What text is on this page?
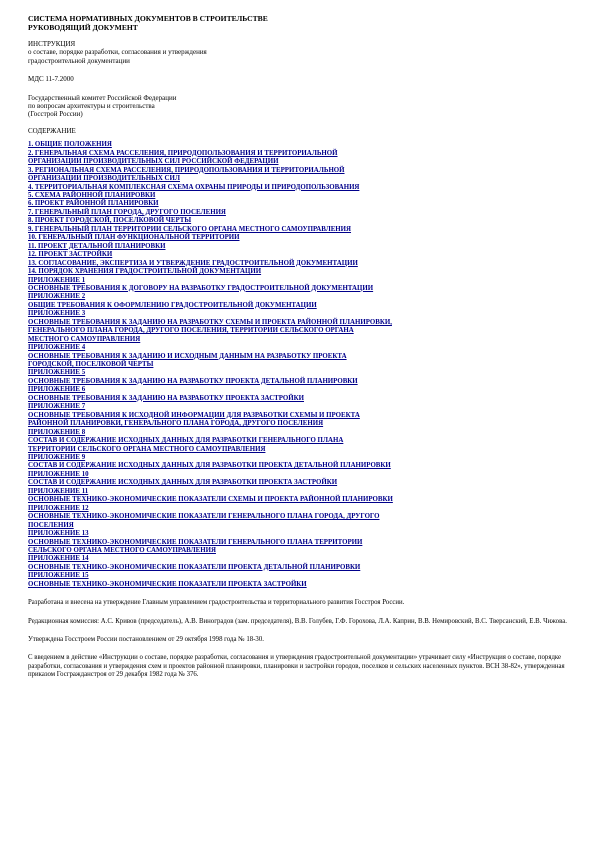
СИСТЕМА НОРМАТИВНЫХ ДОКУМЕНТОВ В СТРОИТЕЛЬСТВЕ
РУКОВОДЯЩИЙ ДОКУМЕНТ
ИНСТРУКЦИЯ
о составе, порядке разработки, согласования и утверждения
градостроительной документации
МДС 11-7.2000
Государственный комитет Российской Федерации
по вопросам архитектуры и строительства
(Госстрой России)
СОДЕРЖАНИЕ
1. ОБЩИЕ ПОЛОЖЕНИЯ
2. ГЕНЕРАЛЬНАЯ СХЕМА РАССЕЛЕНИЯ, ПРИРОДОПОЛЬЗОВАНИЯ И ТЕРРИТОРИАЛЬНОЙ
ОРГАНИЗАЦИИ ПРОИЗВОДИТЕЛЬНЫХ СИЛ РОССИЙСКОЙ ФЕДЕРАЦИИ
3. РЕГИОНАЛЬНАЯ СХЕМА РАССЕЛЕНИЯ, ПРИРОДОПОЛЬЗОВАНИЯ И ТЕРРИТОРИАЛЬНОЙ
ОРГАНИЗАЦИИ ПРОИЗВОДИТЕЛЬНЫХ СИЛ
4. ТЕРРИТОРИАЛЬНАЯ КОМПЛЕКСНАЯ СХЕМА ОХРАНЫ ПРИРОДЫ И ПРИРОДОПОЛЬЗОВАНИЯ
5. СХЕМА РАЙОННОЙ ПЛАНИРОВКИ
6. ПРОЕКТ РАЙОННОЙ ПЛАНИРОВКИ
7. ГЕНЕРАЛЬНЫЙ ПЛАН ГОРОДА, ДРУГОГО ПОСЕЛЕНИЯ
8. ПРОЕКТ ГОРОДСКОЙ, ПОСЕЛКОВОЙ ЧЕРТЫ
9. ГЕНЕРАЛЬНЫЙ ПЛАН ТЕРРИТОРИИ СЕЛЬСКОГО ОРГАНА МЕСТНОГО САМОУПРАВЛЕНИЯ
10. ГЕНЕРАЛЬНЫЙ ПЛАН ФУНКЦИОНАЛЬНОЙ ТЕРРИТОРИИ
11. ПРОЕКТ ДЕТАЛЬНОЙ ПЛАНИРОВКИ
12. ПРОЕКТ ЗАСТРОЙКИ
13. СОГЛАСОВАНИЕ, ЭКСПЕРТИЗА И УТВЕРЖДЕНИЕ ГРАДОСТРОИТЕЛЬНОЙ ДОКУМЕНТАЦИИ
14. ПОРЯДОК ХРАНЕНИЯ ГРАДОСТРОИТЕЛЬНОЙ ДОКУМЕНТАЦИИ
ПРИЛОЖЕНИЕ 1
ОСНОВНЫЕ ТРЕБОВАНИЯ К ДОГОВОРУ НА РАЗРАБОТКУ ГРАДОСТРОИТЕЛЬНОЙ ДОКУМЕНТАЦИИ
ПРИЛОЖЕНИЕ 2
ОБЩИЕ ТРЕБОВАНИЯ К ОФОРМЛЕНИЮ ГРАДОСТРОИТЕЛЬНОЙ ДОКУМЕНТАЦИИ
ПРИЛОЖЕНИЕ 3
ОСНОВНЫЕ ТРЕБОВАНИЯ К ЗАДАНИЮ НА РАЗРАБОТКУ СХЕМЫ И ПРОЕКТА РАЙОННОЙ ПЛАНИРОВКИ,
ГЕНЕРАЛЬНОГО ПЛАНА ГОРОДА, ДРУГОГО ПОСЕЛЕНИЯ, ТЕРРИТОРИИ СЕЛЬСКОГО ОРГАНА
МЕСТНОГО САМОУПРАВЛЕНИЯ
ПРИЛОЖЕНИЕ 4
ОСНОВНЫЕ ТРЕБОВАНИЯ К ЗАДАНИЮ И ИСХОДНЫМ ДАННЫМ НА РАЗРАБОТКУ ПРОЕКТА
ГОРОДСКОЙ, ПОСЕЛКОВОЙ ЧЕРТЫ
ПРИЛОЖЕНИЕ 5
ОСНОВНЫЕ ТРЕБОВАНИЯ К ЗАДАНИЮ НА РАЗРАБОТКУ ПРОЕКТА ДЕТАЛЬНОЙ ПЛАНИРОВКИ
ПРИЛОЖЕНИЕ 6
ОСНОВНЫЕ ТРЕБОВАНИЯ К ЗАДАНИЮ НА РАЗРАБОТКУ ПРОЕКТА ЗАСТРОЙКИ
ПРИЛОЖЕНИЕ 7
ОСНОВНЫЕ ТРЕБОВАНИЯ К ИСХОДНОЙ ИНФОРМАЦИИ ДЛЯ РАЗРАБОТКИ СХЕМЫ И ПРОЕКТА
РАЙОННОЙ ПЛАНИРОВКИ, ГЕНЕРАЛЬНОГО ПЛАНА ГОРОДА, ДРУГОГО ПОСЕЛЕНИЯ
ПРИЛОЖЕНИЕ 8
СОСТАВ И СОДЕРЖАНИЕ ИСХОДНЫХ ДАННЫХ ДЛЯ РАЗРАБОТКИ ГЕНЕРАЛЬНОГО ПЛАНА
ТЕРРИТОРИИ СЕЛЬСКОГО ОРГАНА МЕСТНОГО САМОУПРАВЛЕНИЯ
ПРИЛОЖЕНИЕ 9
СОСТАВ И СОДЕРЖАНИЕ ИСХОДНЫХ ДАННЫХ ДЛЯ РАЗРАБОТКИ ПРОЕКТА ДЕТАЛЬНОЙ ПЛАНИРОВКИ
ПРИЛОЖЕНИЕ 10
СОСТАВ И СОДЕРЖАНИЕ ИСХОДНЫХ ДАННЫХ ДЛЯ РАЗРАБОТКИ ПРОЕКТА ЗАСТРОЙКИ
ПРИЛОЖЕНИЕ 11
ОСНОВНЫЕ ТЕХНИКО-ЭКОНОМИЧЕСКИЕ ПОКАЗАТЕЛИ СХЕМЫ И ПРОЕКТА РАЙОННОЙ ПЛАНИРОВКИ
ПРИЛОЖЕНИЕ 12
ОСНОВНЫЕ ТЕХНИКО-ЭКОНОМИЧЕСКИЕ ПОКАЗАТЕЛИ ГЕНЕРАЛЬНОГО ПЛАНА ГОРОДА, ДРУГОГО
ПОСЕЛЕНИЯ
ПРИЛОЖЕНИЕ 13
ОСНОВНЫЕ ТЕХНИКО-ЭКОНОМИЧЕСКИЕ ПОКАЗАТЕЛИ ГЕНЕРАЛЬНОГО ПЛАНА ТЕРРИТОРИИ
СЕЛЬСКОГО ОРГАНА МЕСТНОГО САМОУПРАВЛЕНИЯ
ПРИЛОЖЕНИЕ 14
ОСНОВНЫЕ ТЕХНИКО-ЭКОНОМИЧЕСКИЕ ПОКАЗАТЕЛИ ПРОЕКТА ДЕТАЛЬНОЙ ПЛАНИРОВКИ
ПРИЛОЖЕНИЕ 15
ОСНОВНЫЕ ТЕХНИКО-ЭКОНОМИЧЕСКИЕ ПОКАЗАТЕЛИ ПРОЕКТА ЗАСТРОЙКИ
Разработана и внесена на утверждение Главным управлением градостроительства и территориального развития Госстроя России.
Редакционная комиссия: А.С. Кривов (председатель), А.В. Виноградов (зам. председателя), В.В. Голубев, Г.Ф. Горохова, Л.А. Каприн, В.В. Немировский, В.С. Тверсанский, Е.В. Чижова.
Утверждена Госстроем России постановлением от 29 октября 1998 года № 18-30.
С введением в действие «Инструкции о составе, порядке разработки, согласования и утверждения градостроительной документации» утрачивает силу «Инструкция о составе, порядке разработки, согласования и утверждения схем и проектов районной планировки, планировки и застройки городов, поселков и сельских населенных пунктов. ВСН 38-82», утвержденная приказом Госгражданстроя от 29 декабря 1982 года № 376.
